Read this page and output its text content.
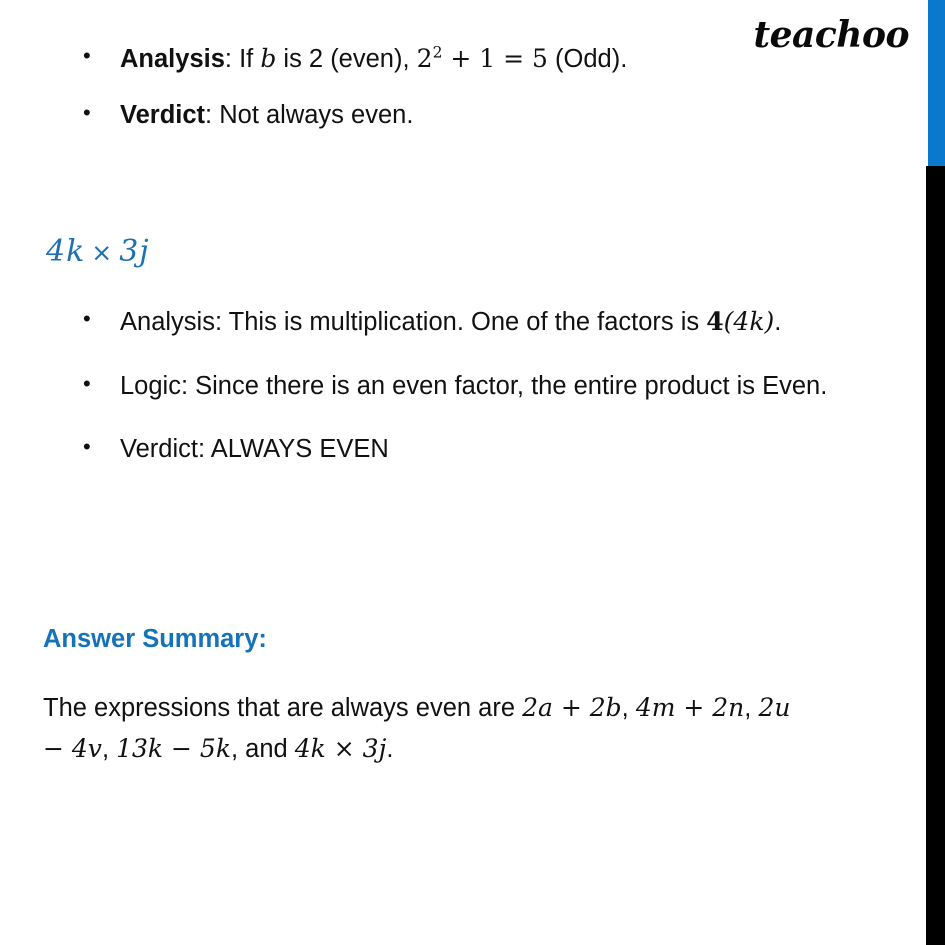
teachoo
• Analysis: If b is 2 (even), $2^2 + 1 = 5$ (Odd).
• Verdict: Not always even.
4k × 3j
• Analysis: This is multiplication. One of the factors is 4(4k).
• Logic: Since there is an even factor, the entire product is Even.
• Verdict: ALWAYS EVEN
Answer Summary:
The expressions that are always even are 2a + 2b, 4m + 2n, 2u − 4v, 13k − 5k, and 4k × 3j.
